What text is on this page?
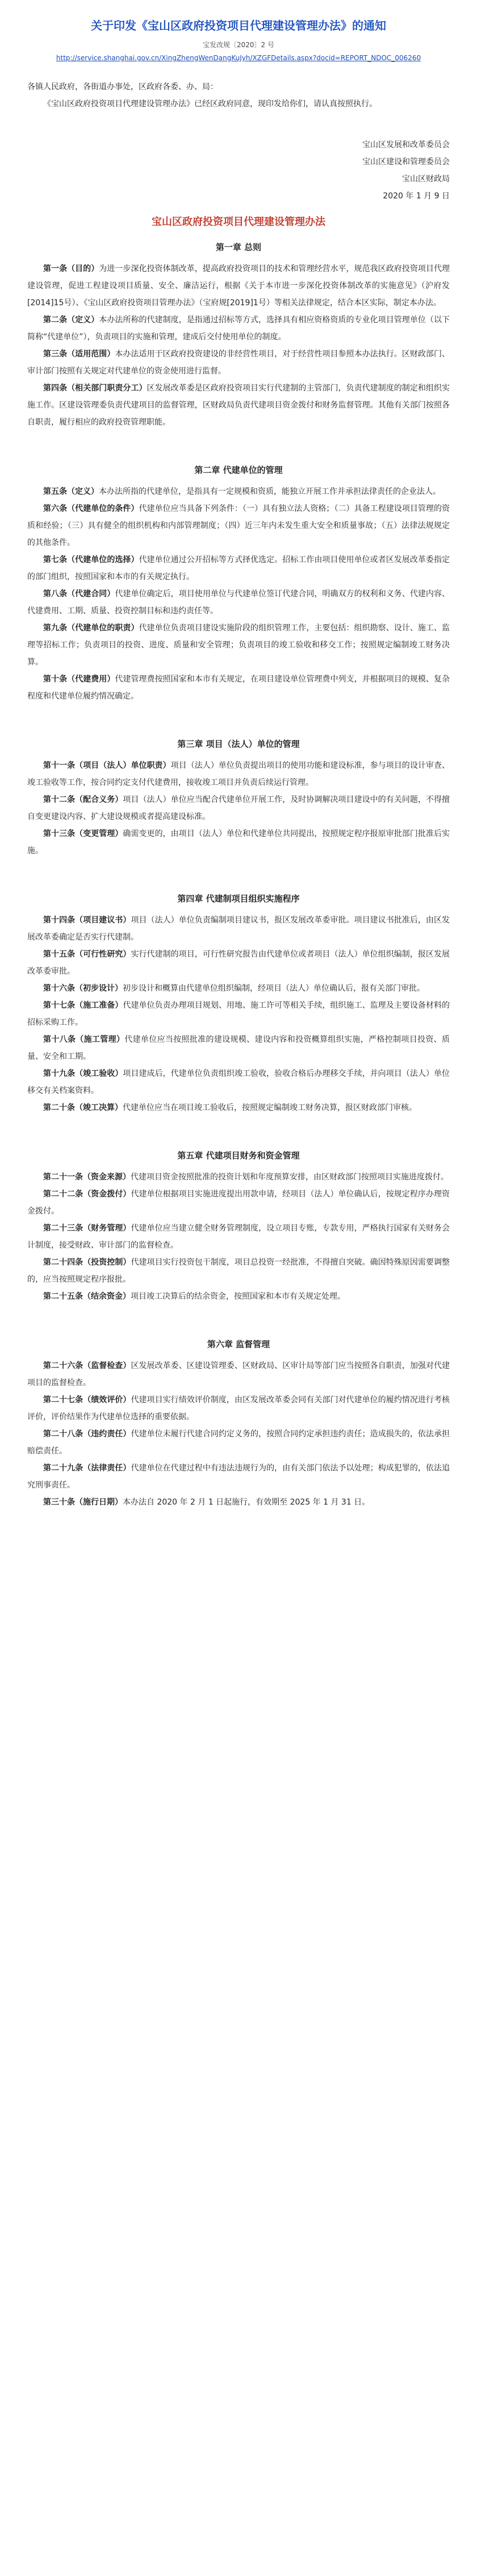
关于印发《宝山区政府投资项目代理建设管理办法》的通知
宝发改规〔2020〕2 号
http://service.shanghai.gov.cn/XingZhengWenDangKuJyh/XZGFDetails.aspx?docid=REPORT_NDOC_006260

各镇人民政府，各街道办事处，区政府各委、办、局：

《宝山区政府投资项目代理建设管理办法》已经区政府同意，现印发给你们，请认真按照执行。

宝山区发展和改革委员会

宝山区建设和管理委员会

宝山区财政局

2020 年 1 月 9 日

宝山区政府投资项目代理建设管理办法
第一章 总则

第一条（目的）为进一步深化投资体制改革，提高政府投资项目的技术和管理经营水平，规范我区政府投资项目代理建设管理，促进工程建设项目质量、安全、廉洁运行，根据《关于本市进一步深化投资体制改革的实施意见》（沪府发[2014]15号）、《宝山区政府投资项目管理办法》（宝府规[2019]1号）等相关法律规定，结合本区实际，制定本办法。

第二条（定义）本办法所称的代建制度，是指通过招标等方式，选择具有相应资格资质的专业化项目管理单位（以下简称“代建单位”），负责项目的实施和管理，建成后交付使用单位的制度。

第三条（适用范围）本办法适用于区政府投资建设的非经营性项目，对于经营性项目参照本办法执行。区财政部门、审计部门按照有关规定对代建单位的资金使用进行监督。

第四条（相关部门职责分工）区发展改革委是区政府投资项目实行代建制的主管部门，负责代建制度的制定和组织实施工作。区建设管理委负责代建项目的监督管理，区财政局负责代建项目资金拨付和财务监督管理。其他有关部门按照各自职责，履行相应的政府投资管理职能。

第二章 代建单位的管理

第五条（定义）本办法所指的代建单位，是指具有一定规模和资质，能独立开展工作并承担法律责任的企业法人。

第六条（代建单位的条件）代建单位应当具备下列条件：（一）具有独立法人资格；（二）具备工程建设项目管理的资质和经验；（三）具有健全的组织机构和内部管理制度；（四）近三年内未发生重大安全和质量事故；（五）法律法规规定的其他条件。

第七条（代建单位的选择）代建单位通过公开招标等方式择优选定。招标工作由项目使用单位或者区发展改革委指定的部门组织，按照国家和本市的有关规定执行。

第八条（代建合同）代建单位确定后，项目使用单位与代建单位签订代建合同，明确双方的权利和义务、代建内容、代建费用、工期、质量、投资控制目标和违约责任等。

第九条（代建单位的职责）代建单位负责项目建设实施阶段的组织管理工作，主要包括：组织勘察、设计、施工、监理等招标工作；负责项目的投资、进度、质量和安全管理；负责项目的竣工验收和移交工作；按照规定编制竣工财务决算。

第十条（代建费用）代建管理费按照国家和本市有关规定，在项目建设单位管理费中列支，并根据项目的规模、复杂程度和代建单位履约情况确定。

第三章 项目（法人）单位的管理

第十一条（项目（法人）单位职责）项目（法人）单位负责提出项目的使用功能和建设标准，参与项目的设计审查、竣工验收等工作，按合同约定支付代建费用，接收竣工项目并负责后续运行管理。

第十二条（配合义务）项目（法人）单位应当配合代建单位开展工作，及时协调解决项目建设中的有关问题，不得擅自变更建设内容、扩大建设规模或者提高建设标准。

第十三条（变更管理）确需变更的，由项目（法人）单位和代建单位共同提出，按照规定程序报原审批部门批准后实施。

第四章 代建制项目组织实施程序

第十四条（项目建议书）项目（法人）单位负责编制项目建议书，报区发展改革委审批。项目建议书批准后，由区发展改革委确定是否实行代建制。

第十五条（可行性研究）实行代建制的项目，可行性研究报告由代建单位或者项目（法人）单位组织编制，报区发展改革委审批。

第十六条（初步设计）初步设计和概算由代建单位组织编制，经项目（法人）单位确认后，报有关部门审批。

第十七条（施工准备）代建单位负责办理项目规划、用地、施工许可等相关手续，组织施工、监理及主要设备材料的招标采购工作。

第十八条（施工管理）代建单位应当按照批准的建设规模、建设内容和投资概算组织实施，严格控制项目投资、质量、安全和工期。

第十九条（竣工验收）项目建成后，代建单位负责组织竣工验收，验收合格后办理移交手续，并向项目（法人）单位移交有关档案资料。

第二十条（竣工决算）代建单位应当在项目竣工验收后，按照规定编制竣工财务决算，报区财政部门审核。

第五章 代建项目财务和资金管理

第二十一条（资金来源）代建项目资金按照批准的投资计划和年度预算安排，由区财政部门按照项目实施进度拨付。

第二十二条（资金拨付）代建单位根据项目实施进度提出用款申请，经项目（法人）单位确认后，按规定程序办理资金拨付。

第二十三条（财务管理）代建单位应当建立健全财务管理制度，设立项目专账，专款专用，严格执行国家有关财务会计制度，接受财政、审计部门的监督检查。

第二十四条（投资控制）代建项目实行投资包干制度，项目总投资一经批准，不得擅自突破。确因特殊原因需要调整的，应当按照规定程序报批。

第二十五条（结余资金）项目竣工决算后的结余资金，按照国家和本市有关规定处理。

第六章 监督管理

第二十六条（监督检查）区发展改革委、区建设管理委、区财政局、区审计局等部门应当按照各自职责，加强对代建项目的监督检查。

第二十七条（绩效评价）代建项目实行绩效评价制度，由区发展改革委会同有关部门对代建单位的履约情况进行考核评价，评价结果作为代建单位选择的重要依据。

第二十八条（违约责任）代建单位未履行代建合同约定义务的，按照合同约定承担违约责任；造成损失的，依法承担赔偿责任。

第二十九条（法律责任）代建单位在代建过程中有违法违规行为的，由有关部门依法予以处理；构成犯罪的，依法追究刑事责任。

第三十条（施行日期）本办法自 2020 年 2 月 1 日起施行，有效期至 2025 年 1 月 31 日。
